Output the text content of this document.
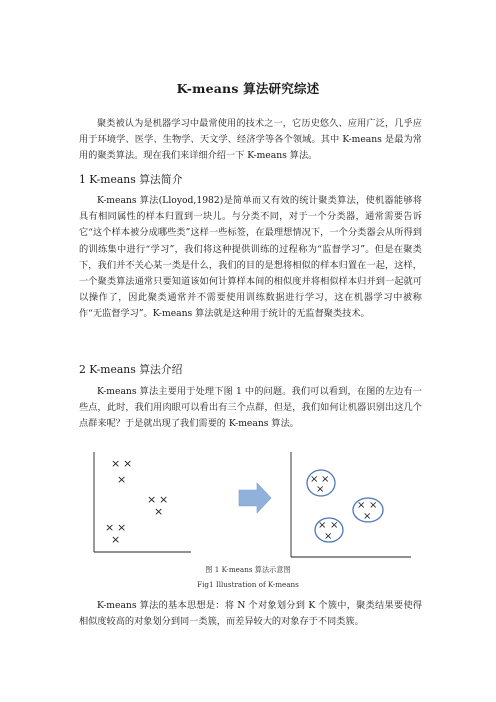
K-means 算法研究综述
聚类被认为是机器学习中最常使用的技术之一，它历史悠久、应用广泛，几乎应用于环境学、医学、生物学、天文学、经济学等各个领域。其中 K-means 是最为常用的聚类算法。现在我们来详细介绍一下 K-means 算法。
1 K-means 算法简介
K-means 算法(Lloyod,1982)是简单而又有效的统计聚类算法，使机器能够将具有相同属性的样本归置到一块儿。与分类不同，对于一个分类器，通常需要告诉它“这个样本被分成哪些类”这样一些标签，在最理想情况下，一个分类器会从所得到的训练集中进行“学习”，我们将这种提供训练的过程称为“监督学习”。但是在聚类下，我们并不关心某一类是什么，我们的目的是想将相似的样本归置在一起，这样，一个聚类算法通常只要知道该如何计算样本间的相似度并将相似样本归并到一起就可以操作了，因此聚类通常并不需要使用训练数据进行学习，这在机器学习中被称作“无监督学习”。K-means 算法就是这种用于统计的无监督聚类技术。
2 K-means 算法介绍
K-means 算法主要用于处理下图 1 中的问题。我们可以看到，在图的左边有一些点，此时，我们用肉眼可以看出有三个点群，但是，我们如何让机器识别出这几个点群来呢？于是就出现了我们需要的 K-means 算法。
× ×
×
× ×
×
× ×
×
× ×
×
× ×
×
× ×
×
图 1 K-means 算法示意图
Fig1 Illustration of K-means
K-means 算法的基本思想是：将 N 个对象划分到 K 个簇中，聚类结果要使得相似度较高的对象划分到同一类簇，而差异较大的对象存于不同类簇。
